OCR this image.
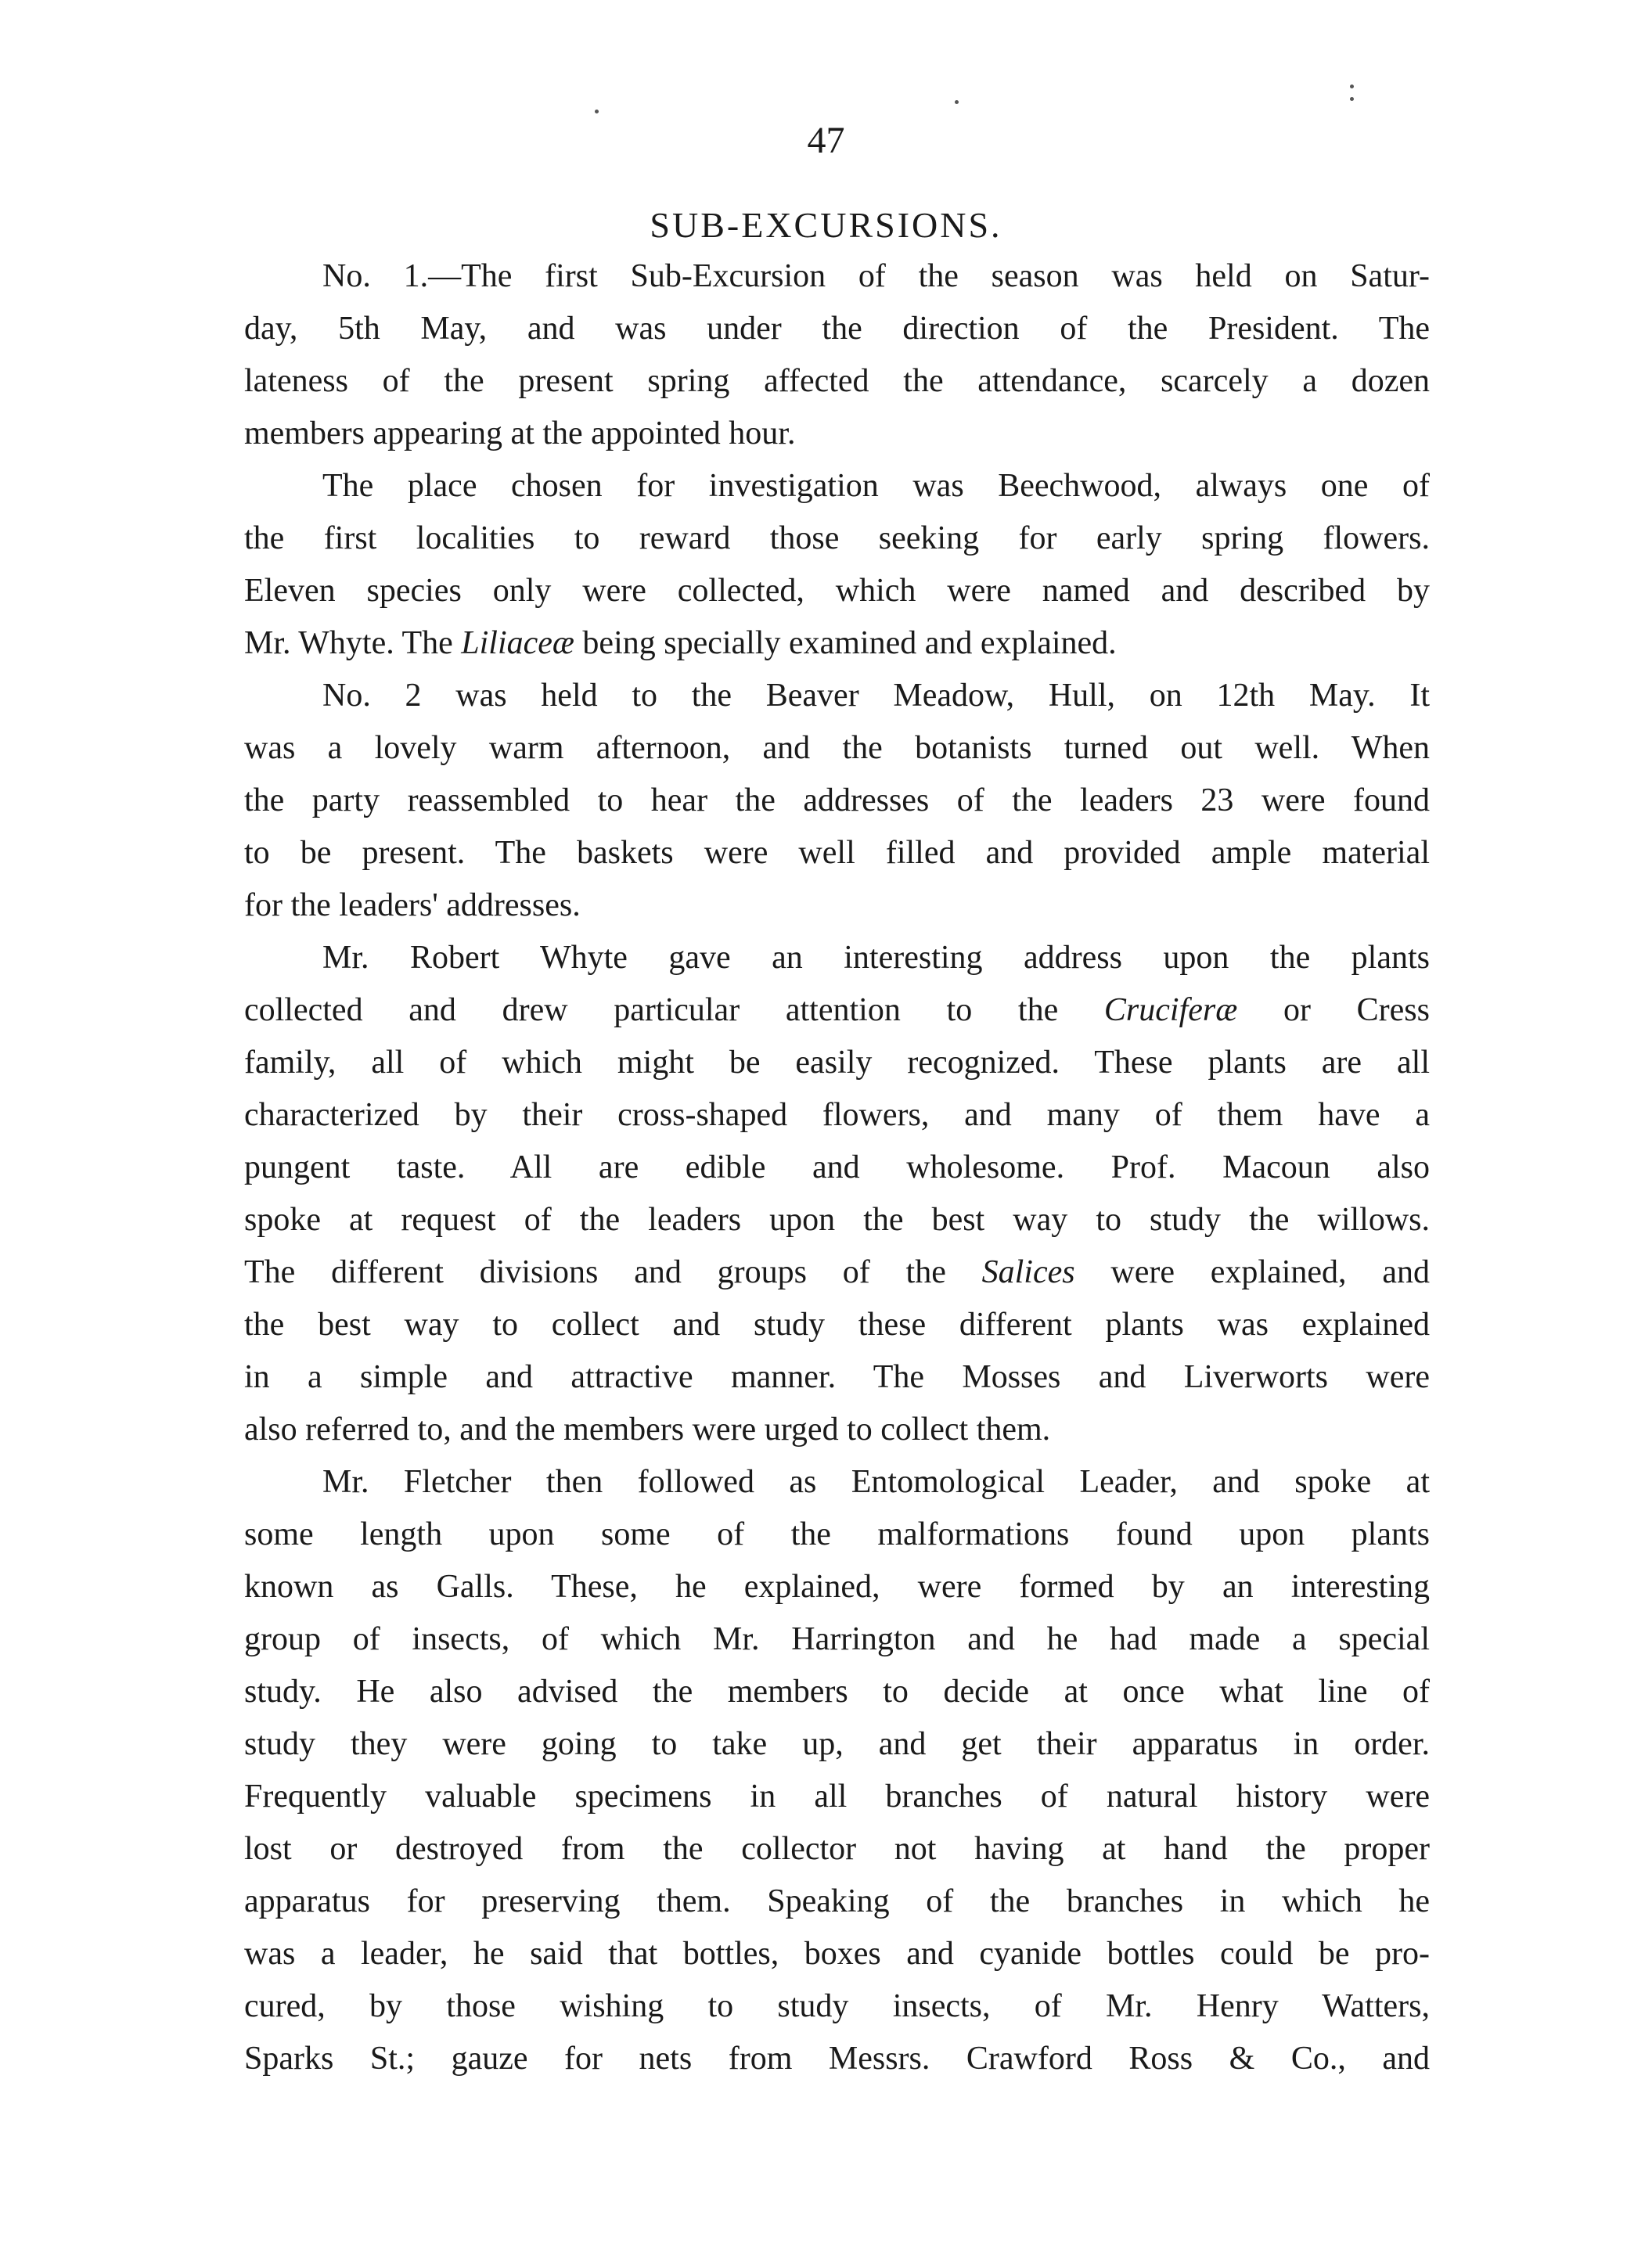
47
SUB-EXCURSIONS.
No. 1.—The first Sub-Excursion of the season was held on Satur-
day, 5th May, and was under the direction of the President. The
lateness of the present spring affected the attendance, scarcely a dozen
members appearing at the appointed hour.
The place chosen for investigation was Beechwood, always one of
the first localities to reward those seeking for early spring flowers.
Eleven species only were collected, which were named and described by
Mr. Whyte. The Liliaceæ being specially examined and explained.
No. 2 was held to the Beaver Meadow, Hull, on 12th May. It
was a lovely warm afternoon, and the botanists turned out well. When
the party reassembled to hear the addresses of the leaders 23 were found
to be present. The baskets were well filled and provided ample material
for the leaders' addresses.
Mr. Robert Whyte gave an interesting address upon the plants
collected and drew particular attention to the Cruciferæ or Cress
family, all of which might be easily recognized. These plants are all
characterized by their cross-shaped flowers, and many of them have a
pungent taste. All are edible and wholesome. Prof. Macoun also
spoke at request of the leaders upon the best way to study the willows.
The different divisions and groups of the Salices were explained, and
the best way to collect and study these different plants was explained
in a simple and attractive manner. The Mosses and Liverworts were
also referred to, and the members were urged to collect them.
Mr. Fletcher then followed as Entomological Leader, and spoke at
some length upon some of the malformations found upon plants
known as Galls. These, he explained, were formed by an interesting
group of insects, of which Mr. Harrington and he had made a special
study. He also advised the members to decide at once what line of
study they were going to take up, and get their apparatus in order.
Frequently valuable specimens in all branches of natural history were
lost or destroyed from the collector not having at hand the proper
apparatus for preserving them. Speaking of the branches in which he
was a leader, he said that bottles, boxes and cyanide bottles could be pro-
cured, by those wishing to study insects, of Mr. Henry Watters,
Sparks St.; gauze for nets from Messrs. Crawford Ross & Co., and
